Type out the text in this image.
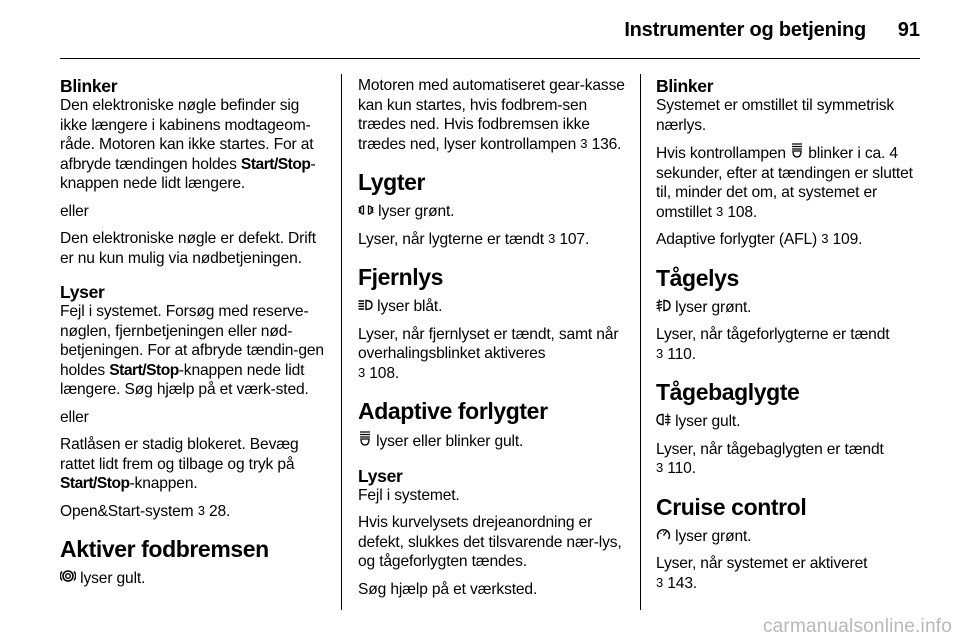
Instrumenter og betjening 91
Blinker

Den elektroniske nøgle befinder sig ikke længere i kabinens modtageom-råde. Motoren kan ikke startes. For at afbryde tændingen holdes Start/Stop-knappen nede lidt længere.

eller

Den elektroniske nøgle er defekt. Drift er nu kun mulig via nødbetjeningen.

Lyser

Fejl i systemet. Forsøg med reserve-nøglen, fjernbetjeningen eller nød-betjeningen. For at afbryde tændin-gen holdes Start/Stop-knappen nede lidt længere. Søg hjælp på et værk-sted.

eller

Ratlåsen er stadig blokeret. Bevæg rattet lidt frem og tilbage og tryk på Start/Stop-knappen.

Open&Start-system 3 28.

Aktiver fodbremsen

lyser gult.

Motoren med automatiseret gear-kasse kan kun startes, hvis fodbrem-sen trædes ned. Hvis fodbremsen ikke trædes ned, lyser kontrollampen 3 136.

Lygter

lyser grønt.

Lyser, når lygterne er tændt 3 107.

Fjernlys

lyser blåt.

Lyser, når fjernlyset er tændt, samt når overhalingsblinket aktiveres
3 108.

Adaptive forlygter

lyser eller blinker gult.

Lyser

Fejl i systemet.

Hvis kurvelysets drejeanordning er defekt, slukkes det tilsvarende nær-lys, og tågeforlygten tændes.

Søg hjælp på et værksted.

Blinker

Systemet er omstillet til symmetrisk nærlys.

Hvis kontrollampen  blinker i ca. 4 sekunder, efter at tændingen er sluttet til, minder det om, at systemet er omstillet 3 108.

Adaptive forlygter (AFL) 3 109.

Tågelys

lyser grønt.

Lyser, når tågeforlygterne er tændt
3 110.

Tågebaglygte

lyser gult.

Lyser, når tågebaglygten er tændt
3 110.

Cruise control

lyser grønt.

Lyser, når systemet er aktiveret
3 143.

carmanualsonline.info
